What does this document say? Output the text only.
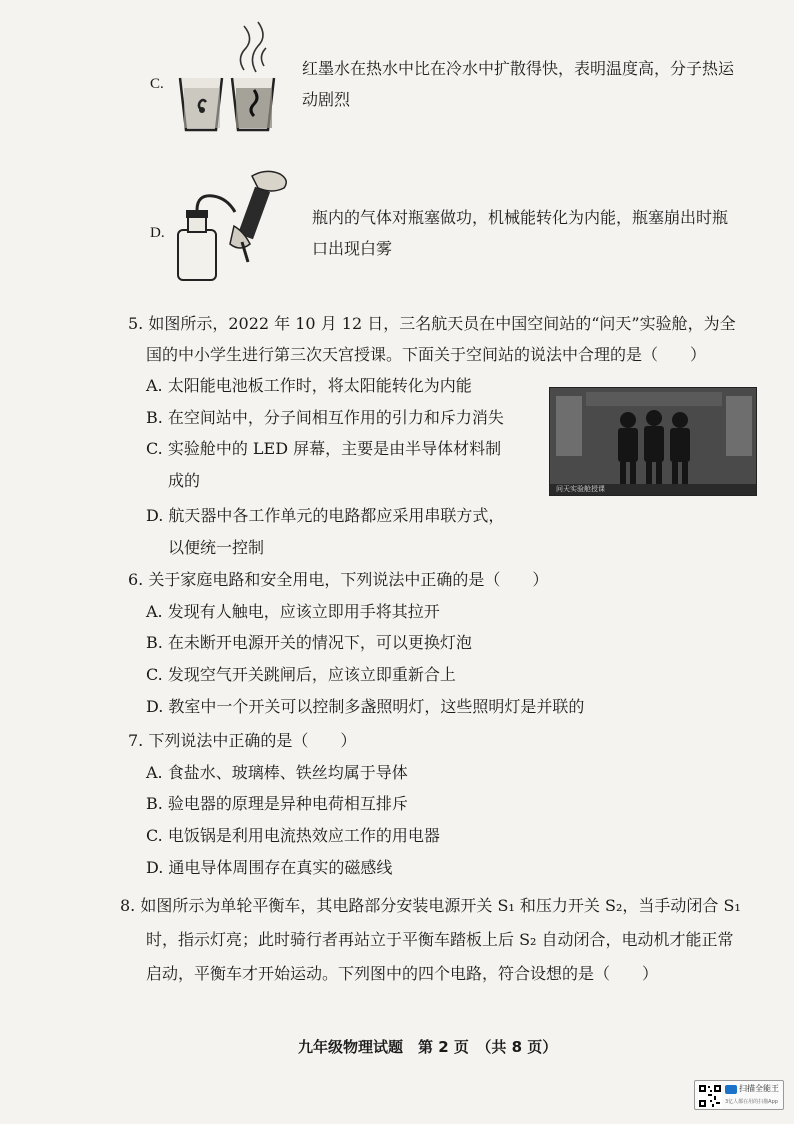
C.
红墨水在热水中比在冷水中扩散得快，表明温度高，分子热运
动剧烈
D.
瓶内的气体对瓶塞做功，机械能转化为内能，瓶塞崩出时瓶
口出现白雾
5. 如图所示，2022 年 10 月 12 日，三名航天员在中国空间站的“问天”实验舱，为全
国的中小学生进行第三次天宫授课。下面关于空间站的说法中合理的是（　　）
A. 太阳能电池板工作时，将太阳能转化为内能
B. 在空间站中，分子间相互作用的引力和斥力消失
C. 实验舱中的 LED 屏幕，主要是由半导体材料制
成的
D. 航天器中各工作单元的电路都应采用串联方式，
以便统一控制
问天实验舱授课
6. 关于家庭电路和安全用电，下列说法中正确的是（　　）
A. 发现有人触电，应该立即用手将其拉开
B. 在未断开电源开关的情况下，可以更换灯泡
C. 发现空气开关跳闸后，应该立即重新合上
D. 教室中一个开关可以控制多盏照明灯，这些照明灯是并联的
7. 下列说法中正确的是（　　）
A. 食盐水、玻璃棒、铁丝均属于导体
B. 验电器的原理是异种电荷相互排斥
C. 电饭锅是利用电流热效应工作的用电器
D. 通电导体周围存在真实的磁感线
8. 如图所示为单轮平衡车，其电路部分安装电源开关 S₁ 和压力开关 S₂，当手动闭合 S₁
时，指示灯亮；此时骑行者再站立于平衡车踏板上后 S₂ 自动闭合，电动机才能正常
启动，平衡车才开始运动。下列图中的四个电路，符合设想的是（　　）
九年级物理试题　第 2 页　（共 8 页）
扫描全能王
3亿人都在用的扫描App
